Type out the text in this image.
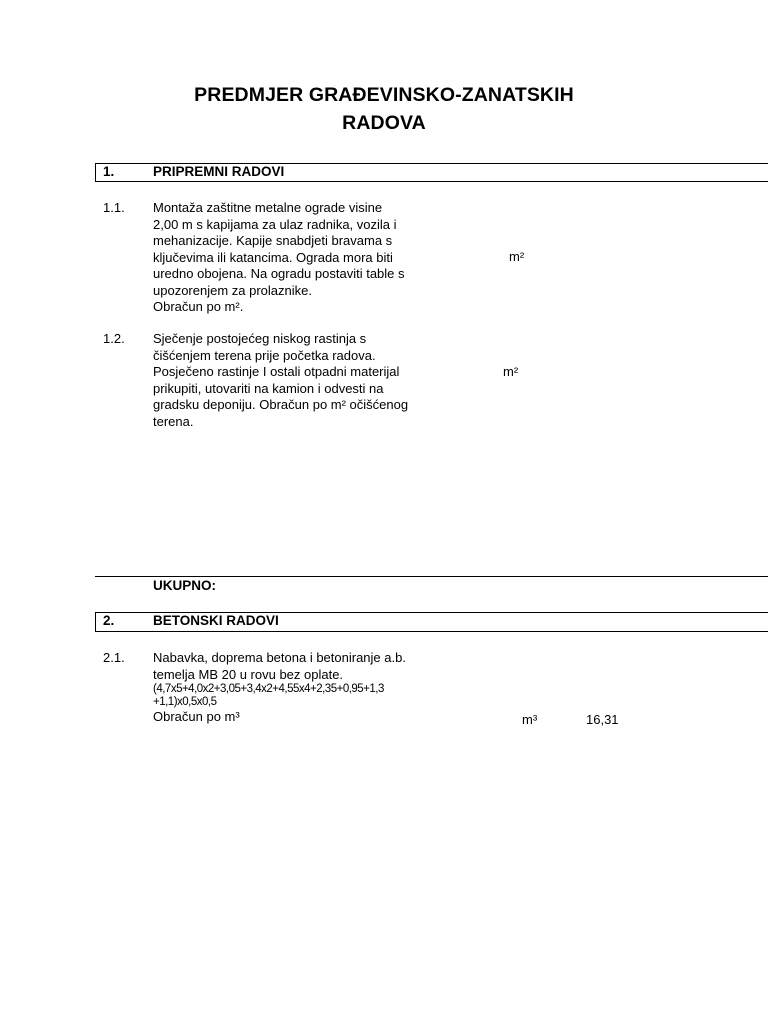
PREDMJER GRAĐEVINSKO-ZANATSKIH
RADOVA
1.	PRIPREMNI RADOVI
1.1. Montaža zaštitne metalne ograde visine
2,00 m s kapijama za ulaz radnika, vozila i
mehanizacije. Kapije snabdjeti bravama s
ključevima ili katancima. Ograda mora biti
uredno obojena. Na ogradu postaviti table s
upozorenjem za prolaznike.
Obračun po m².
m²
1.2. Sječenje postojećeg niskog rastinja s
čišćenjem terena prije početka radova.
Posječeno rastinje I ostali otpadni materijal
prikupiti, utovariti na kamion i odvesti na
gradsku deponiju. Obračun po m² očišćenog
terena.
m²
UKUPNO:
2.	BETONSKI RADOVI
2.1. Nabavka, doprema betona i betoniranje a.b.
temelja MB 20 u rovu bez oplate.
(4,7x5+4,0x2+3,05+3,4x2+4,55x4+2,35+0,95+1,3
+1,1)x0,5x0,5
Obračun po m³	m³	16,31
